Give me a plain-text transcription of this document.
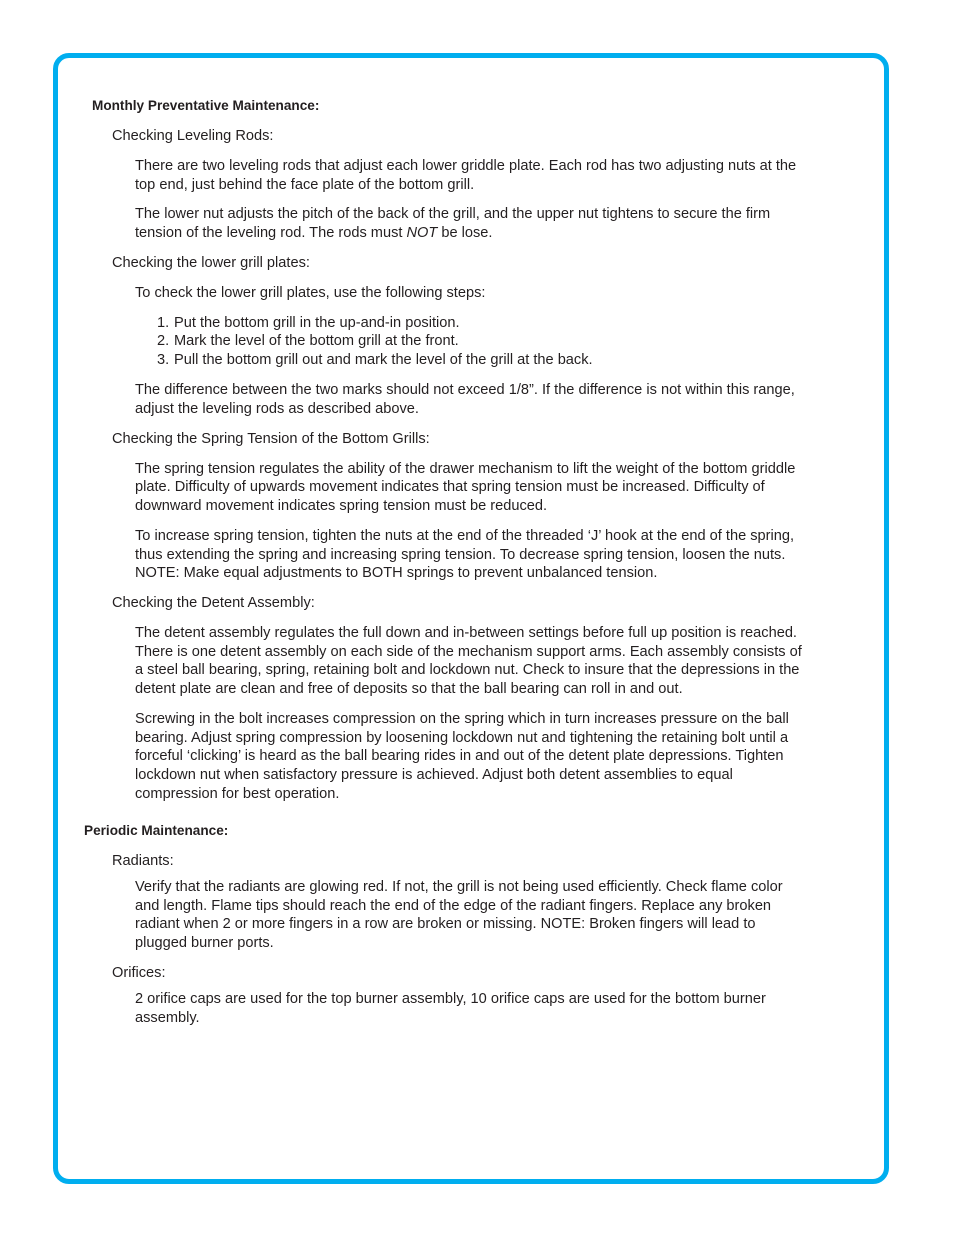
Monthly Preventative Maintenance:

Checking Leveling Rods:

There are two leveling rods that adjust each lower griddle plate. Each rod has two adjusting nuts at the

top end, just behind the face plate of the bottom grill.

The lower nut adjusts the pitch of the back of the grill, and the upper nut tightens to secure the firm

tension of the leveling rod. The rods must NOT be lose.

Checking the lower grill plates:

To check the lower grill plates, use the following steps:

1. Put the bottom grill in the up-and-in position.

2. Mark the level of the bottom grill at the front.

3. Pull the bottom grill out and mark the level of the grill at the back.

The difference between the two marks should not exceed 1/8”. If the difference is not within this range,

adjust the leveling rods as described above.

Checking the Spring Tension of the Bottom Grills:

The spring tension regulates the ability of the drawer mechanism to lift the weight of the bottom griddle

plate. Difficulty of upwards movement indicates that spring tension must be increased. Difficulty of

downward movement indicates spring tension must be reduced.

To increase spring tension, tighten the nuts at the end of the threaded ‘J’ hook at the end of the spring,

thus extending the spring and increasing spring tension. To decrease spring tension, loosen the nuts.

NOTE: Make equal adjustments to BOTH springs to prevent unbalanced tension.

Checking the Detent Assembly:

The detent assembly regulates the full down and in-between settings before full up position is reached.

There is one detent assembly on each side of the mechanism support arms. Each assembly consists of

a steel ball bearing, spring, retaining bolt and lockdown nut. Check to insure that the depressions in the

detent plate are clean and free of deposits so that the ball bearing can roll in and out.

Screwing in the bolt increases compression on the spring which in turn increases pressure on the ball

bearing. Adjust spring compression by loosening lockdown nut and tightening the retaining bolt until a

forceful ‘clicking’ is heard as the ball bearing rides in and out of the detent plate depressions. Tighten

lockdown nut when satisfactory pressure is achieved. Adjust both detent assemblies to equal

compression for best operation.

Periodic Maintenance:

Radiants:

Verify that the radiants are glowing red. If not, the grill is not being used efficiently. Check flame color

and length. Flame tips should reach the end of the edge of the radiant fingers. Replace any broken

radiant when 2 or more fingers in a row are broken or missing. NOTE: Broken fingers will lead to

plugged burner ports.

Orifices:

2 orifice caps are used for the top burner assembly, 10 orifice caps are used for the bottom burner

assembly.
